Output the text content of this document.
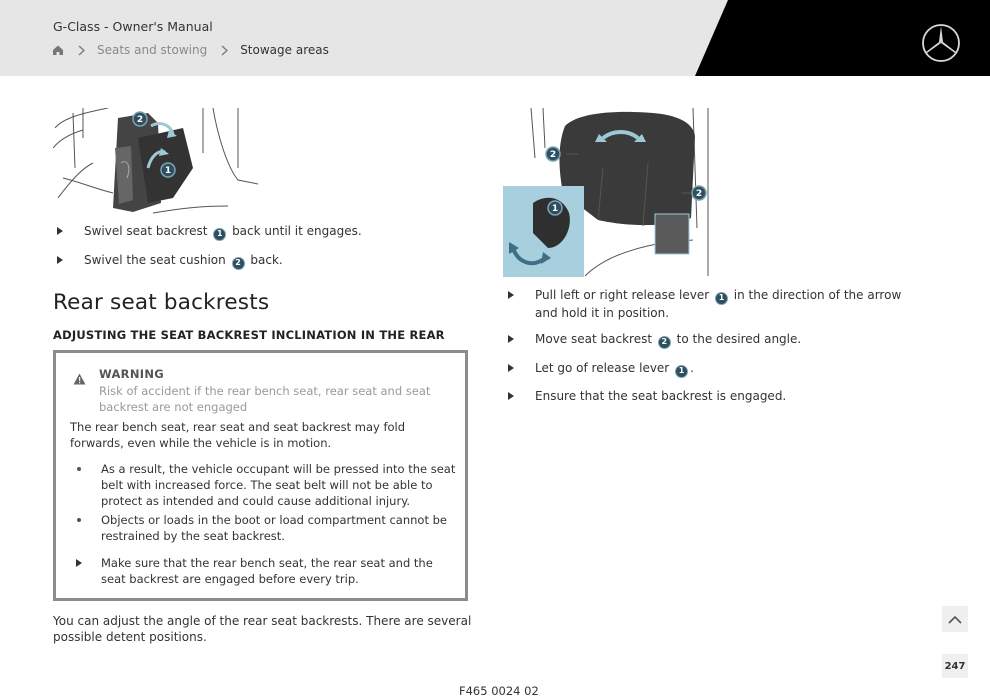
G-Class - Owner's Manual
Seats and stowing	Stowage areas
2
1
Swivel seat backrest 1 back until it engages.
Swivel the seat cushion 2 back.
Rear seat backrests
ADJUSTING THE SEAT BACKREST INCLINATION IN THE REAR
WARNING
Risk of accident if the rear bench seat, rear seat and seat backrest are not engaged
The rear bench seat, rear seat and seat backrest may fold forwards, even while the vehicle is in motion.
As a result, the vehicle occupant will be pressed into the seat belt with increased force. The seat belt will not be able to protect as intended and could cause additional injury.
Objects or loads in the boot or load compartment cannot be restrained by the seat backrest.
Make sure that the rear bench seat, the rear seat and the seat backrest are engaged before every trip.
You can adjust the angle of the rear seat backrests. There are several possible detent positions.
2
2
1
Pull left or right release lever 1 in the direction of the arrow and hold it in position.
Move seat backrest 2 to the desired angle.
Let go of release lever 1 .
Ensure that the seat backrest is engaged.
247
F465 0024 02
